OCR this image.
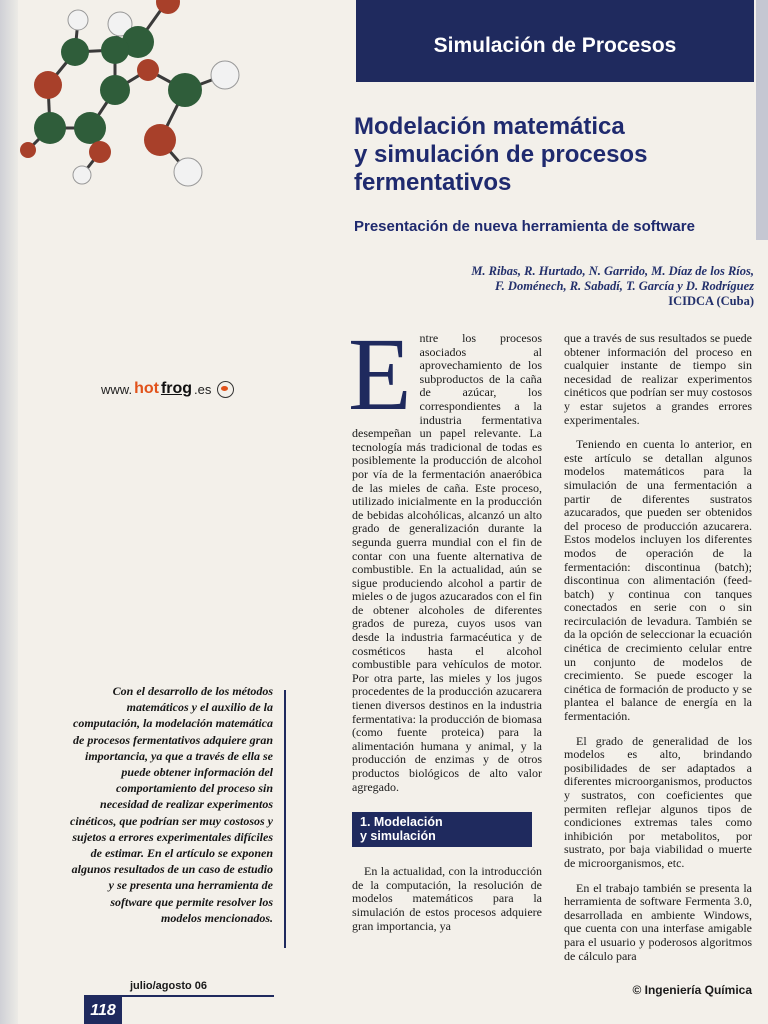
Simulación de Procesos
Modelación matemática
y simulación de procesos
fermentativos
Presentación de nueva herramienta de software
M. Ribas, R. Hurtado, N. Garrido, M. Díaz de los Ríos,
F. Doménech, R. Sabadí, T. García y D. Rodríguez
ICIDCA (Cuba)
www. hot frog .es
Con el desarrollo de los métodos matemáticos y el auxilio de la computación, la modelación matemática de procesos fermentativos adquiere gran importancia, ya que a través de ella se puede obtener información del comportamiento del proceso sin necesidad de realizar experimentos cinéticos, que podrían ser muy costosos y sujetos a errores experimentales difíciles de estimar. En el artículo se exponen algunos resultados de un caso de estudio y se presenta una herramienta de software que permite resolver los modelos mencionados.

Entre los procesos asociados al aprovechamiento de los subproductos de la caña de azúcar, los correspondientes a la industria fermentativa desempeñan un papel relevante. La tecnología más tradicional de todas es posiblemente la producción de alcohol por vía de la fermentación anaeróbica de las mieles de caña. Este proceso, utilizado inicialmente en la producción de bebidas alcohólicas, alcanzó un alto grado de generalización durante la segunda guerra mundial con el fin de contar con una fuente alternativa de combustible. En la actualidad, aún se sigue produciendo alcohol a partir de mieles o de jugos azucarados con el fin de obtener alcoholes de diferentes grados de pureza, cuyos usos van desde la industria farmacéutica y de cosméticos hasta el alcohol combustible para vehículos de motor. Por otra parte, las mieles y los jugos procedentes de la producción azucarera tienen diversos destinos en la industria fermentativa: la producción de biomasa (como fuente proteica) para la alimentación humana y animal, y la producción de enzimas y de otros productos biológicos de alto valor agregado.

1. Modelación
y simulación

En la actualidad, con la introducción de la computación, la resolución de modelos matemáticos para la simulación de estos procesos adquiere gran importancia, ya

que a través de sus resultados se puede obtener información del proceso en cualquier instante de tiempo sin necesidad de realizar experimentos cinéticos que podrían ser muy costosos y estar sujetos a grandes errores experimentales.

Teniendo en cuenta lo anterior, en este artículo se detallan algunos modelos matemáticos para la simulación de una fermentación a partir de diferentes sustratos azucarados, que pueden ser obtenidos del proceso de producción azucarera. Estos modelos incluyen los diferentes modos de operación de la fermentación: discontinua (batch); discontinua con alimentación (feed-batch) y continua con tanques conectados en serie con o sin recirculación de levadura. También se da la opción de seleccionar la ecuación cinética de crecimiento celular entre un conjunto de modelos de crecimiento. Se puede escoger la cinética de formación de producto y se plantea el balance de energía en la fermentación.

El grado de generalidad de los modelos es alto, brindando posibilidades de ser adaptados a diferentes microorganismos, productos y sustratos, con coeficientes que permiten reflejar algunos tipos de condiciones extremas tales como inhibición por metabolitos, por sustrato, por baja viabilidad o muerte de microorganismos, etc.

En el trabajo también se presenta la herramienta de software Fermenta 3.0, desarrollada en ambiente Windows, que cuenta con una interfase amigable para el usuario y poderosos algoritmos de cálculo para

julio/agosto 06
118
© Ingeniería Química
